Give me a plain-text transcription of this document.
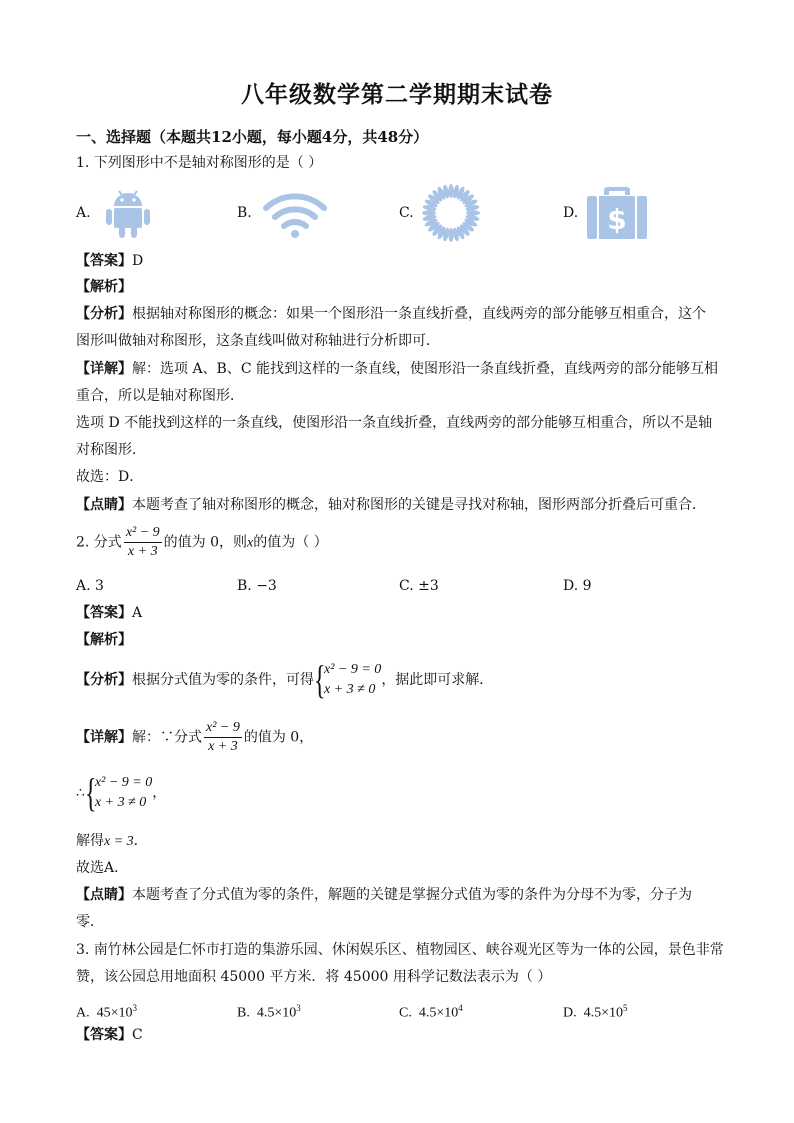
八年级数学第二学期期末试卷
一、选择题（本题共12小题，每小题4分，共48分）
1. 下列图形中不是轴对称图形的是（ ）
A.	B.	C.	D. $
【答案】D
【解析】
【分析】根据轴对称图形的概念：如果一个图形沿一条直线折叠，直线两旁的部分能够互相重合，这个
图形叫做轴对称图形，这条直线叫做对称轴进行分析即可．
【详解】解：选项 A、B、C 能找到这样的一条直线，使图形沿一条直线折叠，直线两旁的部分能够互相
重合，所以是轴对称图形．
选项 D 不能找到这样的一条直线，使图形沿一条直线折叠，直线两旁的部分能够互相重合，所以不是轴
对称图形．
故选：D．
【点睛】本题考查了轴对称图形的概念，轴对称图形的关键是寻找对称轴，图形两部分折叠后可重合．
2. 分式 $\frac{\text{x² − 9}}{x + 3}$ 的值为 0，则x的值为（ ）
A. 3	B. −3	C. ±3	D. 9
【答案】A
【解析】
【分析】根据分式值为零的条件，可得 {
x² − 9 = 0
x + 3 ≠ 0
，据此即可求解．
【详解】解：∵分式 $\frac{\text{x² − 9}}{x + 3}$ 的值为 0，
∴ {
x² − 9 = 0
x + 3 ≠ 0
，
解得x = 3．
故选A．
【点睛】本题考查了分式值为零的条件，解题的关键是掌握分式值为零的条件为分母不为零，分子为
零．
3. 南竹林公园是仁怀市打造的集游乐园、休闲娱乐区、植物园区、峡谷观光区等为一体的公园，景色非常
赞，该公园总用地面积 45000 平方米．将 45000 用科学记数法表示为（ ）
A. $45\times 10^3$	B. $4.5\times 10^3$	C. $4.5\times 10^4$	D. $4.5\times 10^5$
【答案】C
